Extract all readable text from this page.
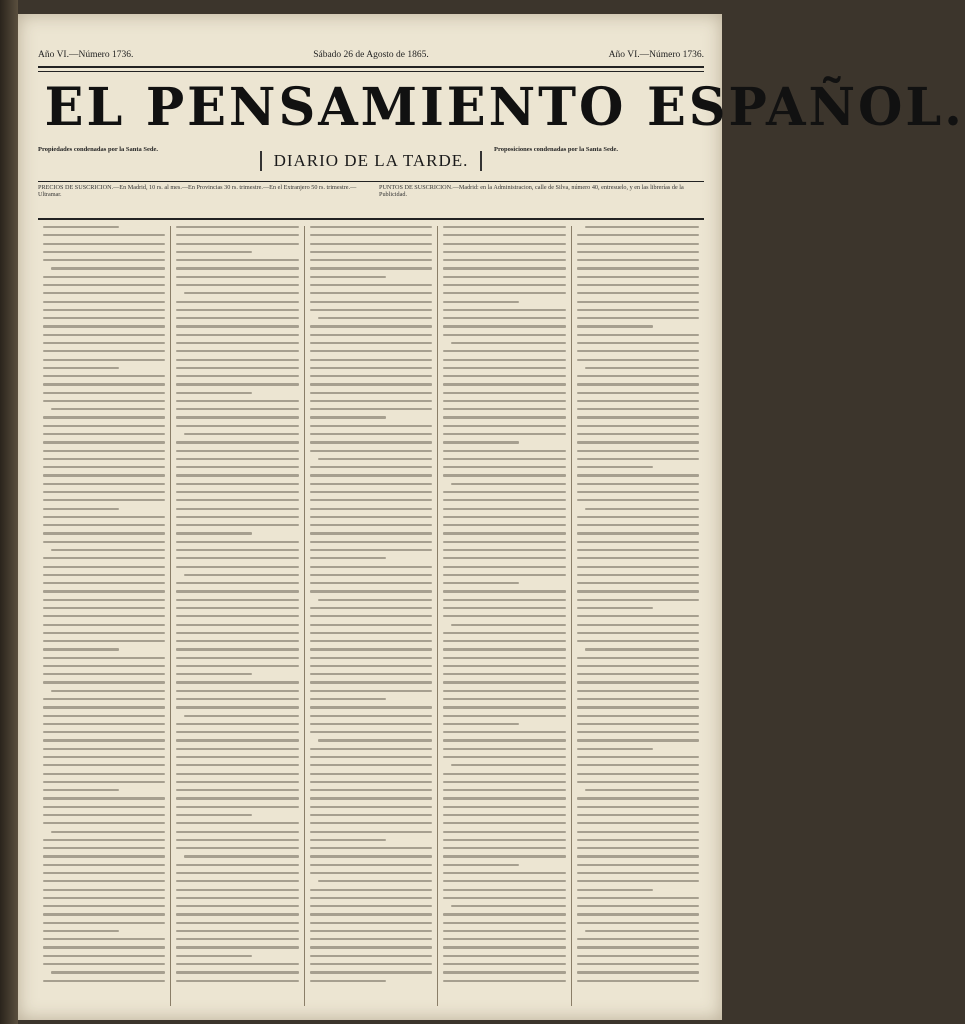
Año VI.—Número 1736.	Sábado 26 de Agosto de 1865.	Año VI.—Número 1736.
EL PENSAMIENTO ESPAÑOL.
Propiedades condenadas por la Santa Sede.
DIARIO DE LA TARDE.
Proposiciones condenadas por la Santa Sede.
PRECIOS DE SUSCRICION.—En Madrid, 10 rs. al mes.—En Provincias 30 rs. trimestre.—En el Extranjero 50 rs. trimestre.—Ultramar.
PUNTOS DE SUSCRICION.—Madrid: en la Administracion, calle de Silva, número 40, entresuelo, y en las librerías de la Publicidad.
